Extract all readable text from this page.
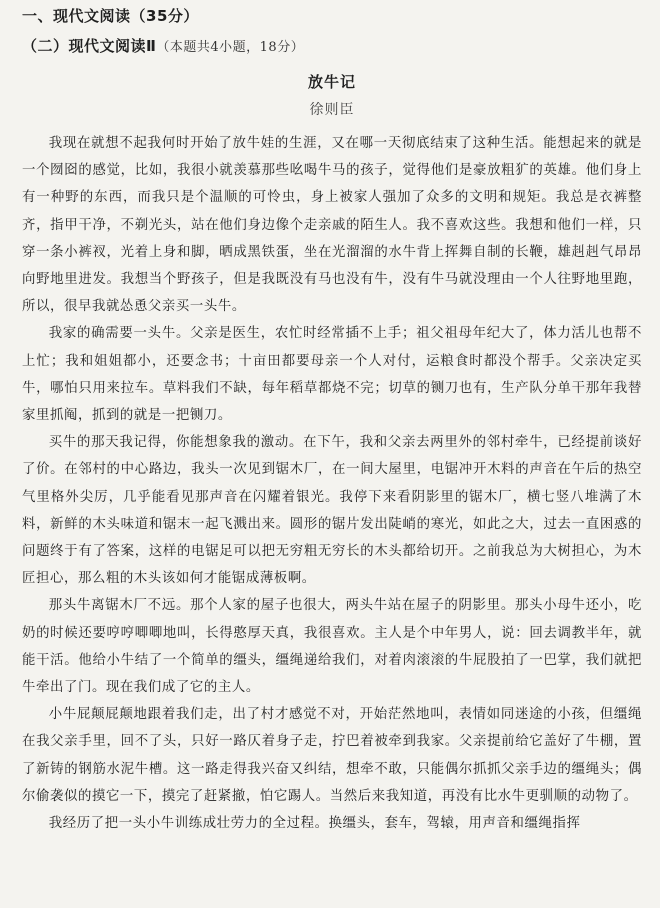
一、现代文阅读（35分）
（二）现代文阅读Ⅱ（本题共4小题，18分）
放牛记
徐则臣

我现在就想不起我何时开始了放牛娃的生涯，又在哪一天彻底结束了这种生活。能想起来的就是一个囫囵的感觉，比如，我很小就羡慕那些吆喝牛马的孩子，觉得他们是豪放粗犷的英雄。他们身上有一种野的东西，而我只是个温顺的可怜虫，身上被家人强加了众多的文明和规矩。我总是衣裤整齐，指甲干净，不剃光头，站在他们身边像个走亲戚的陌生人。我不喜欢这些。我想和他们一样，只穿一条小裤衩，光着上身和脚，晒成黑铁蛋，坐在光溜溜的水牛背上挥舞自制的长鞭，雄赳赳气昂昂向野地里进发。我想当个野孩子，但是我既没有马也没有牛，没有牛马就没理由一个人往野地里跑，所以，很早我就怂恿父亲买一头牛。

我家的确需要一头牛。父亲是医生，农忙时经常插不上手；祖父祖母年纪大了，体力活儿也帮不上忙；我和姐姐都小，还要念书；十亩田都要母亲一个人对付，运粮食时都没个帮手。父亲决定买牛，哪怕只用来拉车。草料我们不缺，每年稻草都烧不完；切草的铡刀也有，生产队分单干那年我替家里抓阄，抓到的就是一把铡刀。

买牛的那天我记得，你能想象我的激动。在下午，我和父亲去两里外的邻村牵牛，已经提前谈好了价。在邻村的中心路边，我头一次见到锯木厂，在一间大屋里，电锯冲开木料的声音在午后的热空气里格外尖厉，几乎能看见那声音在闪耀着银光。我停下来看阴影里的锯木厂，横七竖八堆满了木料，新鲜的木头味道和锯末一起飞溅出来。圆形的锯片发出陡峭的寒光，如此之大，过去一直困惑的问题终于有了答案，这样的电锯足可以把无穷粗无穷长的木头都给切开。之前我总为大树担心，为木匠担心，那么粗的木头该如何才能锯成薄板啊。

那头牛离锯木厂不远。那个人家的屋子也很大，两头牛站在屋子的阴影里。那头小母牛还小，吃奶的时候还要哼哼唧唧地叫，长得憨厚天真，我很喜欢。主人是个中年男人，说：回去调教半年，就能干活。他给小牛结了一个简单的缰头，缰绳递给我们，对着肉滚滚的牛屁股拍了一巴掌，我们就把牛牵出了门。现在我们成了它的主人。

小牛屁颠屁颠地跟着我们走，出了村才感觉不对，开始茫然地叫，表情如同迷途的小孩，但缰绳在我父亲手里，回不了头，只好一路仄着身子走，拧巴着被牵到我家。父亲提前给它盖好了牛棚，置了新铸的钢筋水泥牛槽。这一路走得我兴奋又纠结，想牵不敢，只能偶尔抓抓父亲手边的缰绳头；偶尔偷袭似的摸它一下，摸完了赶紧撤，怕它踢人。当然后来我知道，再没有比水牛更驯顺的动物了。

我经历了把一头小牛训练成壮劳力的全过程。换缰头，套车，驾辕，用声音和缰绳指挥
